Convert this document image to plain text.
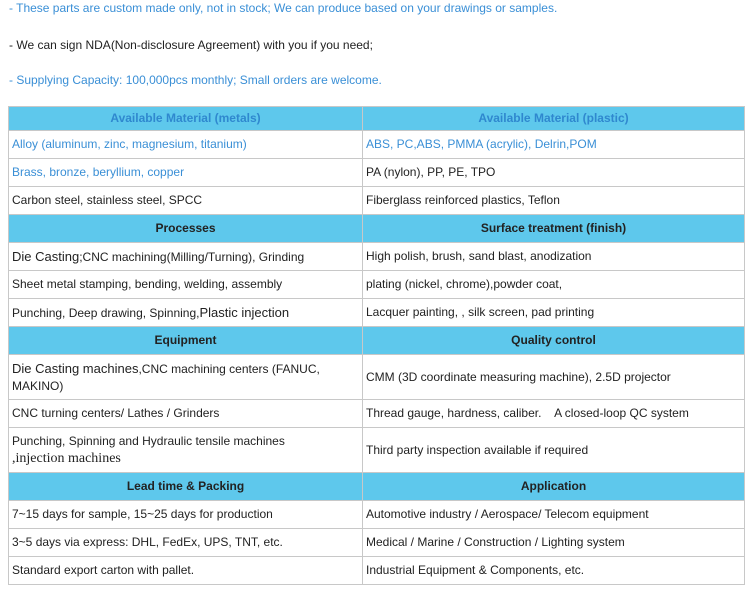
- These parts are custom made only, not in stock; We can produce based on your drawings or samples.

- We can sign NDA(Non-disclosure Agreement) with you if you need;

- Supplying Capacity: 100,000pcs monthly; Small orders are welcome.

Available Material (metals)	Available Material (plastic)
Alloy (aluminum, zinc, magnesium, titanium)	ABS, PC,ABS, PMMA (acrylic), Delrin,POM
Brass, bronze, beryllium, copper	PA (nylon), PP, PE, TPO
Carbon steel, stainless steel, SPCC	Fiberglass reinforced plastics, Teflon
Processes	Surface treatment (finish)
Die Casting;CNC machining(Milling/Turning), Grinding	High polish, brush, sand blast, anodization
Sheet metal stamping, bending, welding, assembly	plating (nickel, chrome),powder coat,
Punching, Deep drawing, Spinning,Plastic injection	Lacquer painting, , silk screen, pad printing
Equipment	Quality control
Die Casting machines,CNC machining centers (FANUC, MAKINO)	CMM (3D coordinate measuring machine), 2.5D projector
CNC turning centers/ Lathes / Grinders	Thread gauge, hardness, caliber.    A closed-loop QC system
Punching, Spinning and Hydraulic tensile machines
,injection machines	Third party inspection available if required
Lead time & Packing	Application
7~15 days for sample, 15~25 days for production	Automotive industry / Aerospace/ Telecom equipment
3~5 days via express: DHL, FedEx, UPS, TNT, etc.	Medical / Marine / Construction / Lighting system
Standard export carton with pallet.	Industrial Equipment & Components, etc.
